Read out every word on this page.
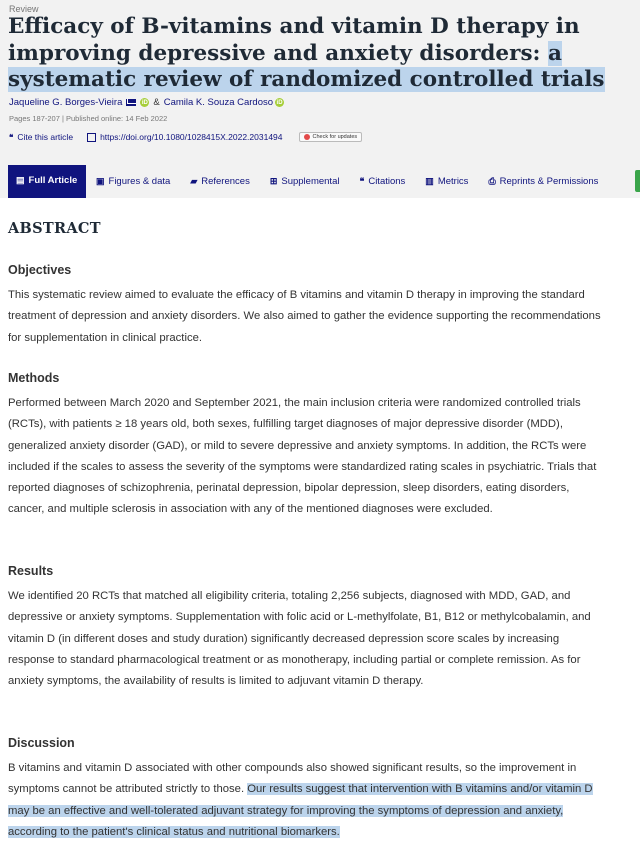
Review
Efficacy of B-vitamins and vitamin D therapy in improving depressive and anxiety disorders: a systematic review of randomized controlled trials
Jaqueline G. Borges-Vieira	iD & Camila K. Souza Cardoso iD
Pages 187-207 | Published online: 14 Feb 2022
❝ Cite this article	https://doi.org/10.1080/1028415X.2022.2031494	Check for updates
▤ Full Article ▣ Figures & data ▰ References ⊞ Supplemental ❝ Citations ▥ Metrics ⎙ Reprints & Permissions
ABSTRACT
Objectives

This systematic review aimed to evaluate the efficacy of B vitamins and vitamin D therapy in improving the standard treatment of depression and anxiety disorders. We also aimed to gather the evidence supporting the recommendations for supplementation in clinical practice.

Methods

Performed between March 2020 and September 2021, the main inclusion criteria were randomized controlled trials (RCTs), with patients ≥ 18 years old, both sexes, fulfilling target diagnoses of major depressive disorder (MDD), generalized anxiety disorder (GAD), or mild to severe depressive and anxiety symptoms. In addition, the RCTs were included if the scales to assess the severity of the symptoms were standardized rating scales in psychiatric. Trials that reported diagnoses of schizophrenia, perinatal depression, bipolar depression, sleep disorders, eating disorders, cancer, and multiple sclerosis in association with any of the mentioned diagnoses were excluded.

Results

We identified 20 RCTs that matched all eligibility criteria, totaling 2,256 subjects, diagnosed with MDD, GAD, and depressive or anxiety symptoms. Supplementation with folic acid or L-methylfolate, B1, B12 or methylcobalamin, and vitamin D (in different doses and study duration) significantly decreased depression score scales by increasing response to standard pharmacological treatment or as monotherapy, including partial or complete remission. As for anxiety symptoms, the availability of results is limited to adjuvant vitamin D therapy.

Discussion

B vitamins and vitamin D associated with other compounds also showed significant results, so the improvement in symptoms cannot be attributed strictly to those. Our results suggest that intervention with B vitamins and/or vitamin D may be an effective and well-tolerated adjuvant strategy for improving the symptoms of depression and anxiety, according to the patient's clinical status and nutritional biomarkers.
